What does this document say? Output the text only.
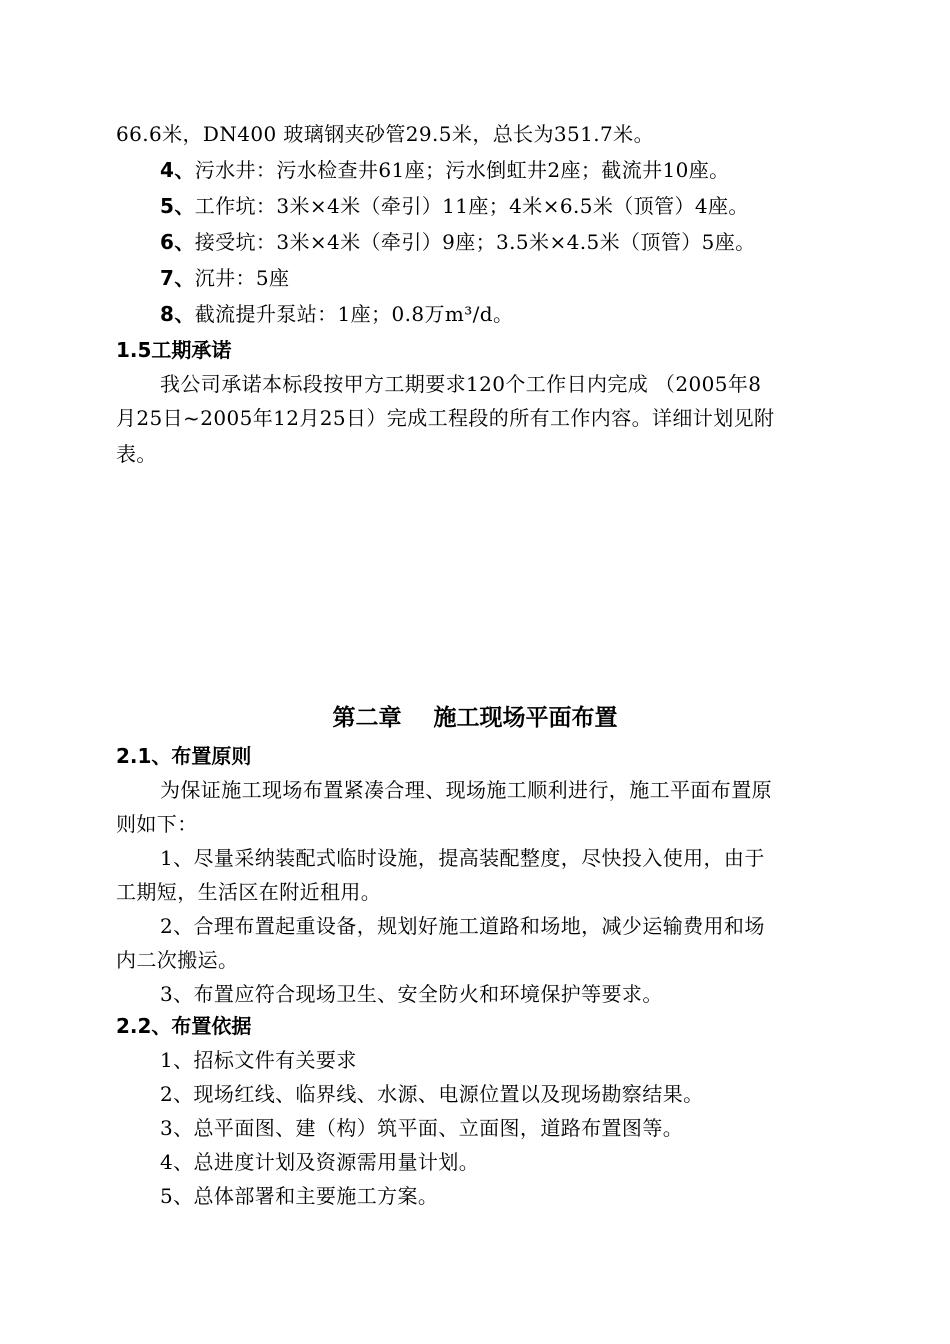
66.6米，DN400 玻璃钢夹砂管29.5米，总长为351.7米。
4、污水井：污水检查井61座；污水倒虹井2座；截流井10座。
5、工作坑：3米×4米（牵引）11座；4米×6.5米（顶管）4座。
6、接受坑：3米×4米（牵引）9座；3.5米×4.5米（顶管）5座。
7、沉井：5座
8、截流提升泵站：1座；0.8万m³/d。
1.5工期承诺
我公司承诺本标段按甲方工期要求120个工作日内完成 （2005年8
月25日~2005年12月25日）完成工程段的所有工作内容。详细计划见附
表。
第二章    施工现场平面布置
2.1、布置原则
为保证施工现场布置紧凑合理、现场施工顺利进行，施工平面布置原
则如下：
1、尽量采纳装配式临时设施，提高装配整度，尽快投入使用，由于
工期短，生活区在附近租用。
2、合理布置起重设备，规划好施工道路和场地，减少运输费用和场
内二次搬运。
3、布置应符合现场卫生、安全防火和环境保护等要求。
2.2、布置依据
1、招标文件有关要求
2、现场红线、临界线、水源、电源位置以及现场勘察结果。
3、总平面图、建（构）筑平面、立面图，道路布置图等。
4、总进度计划及资源需用量计划。
5、总体部署和主要施工方案。
